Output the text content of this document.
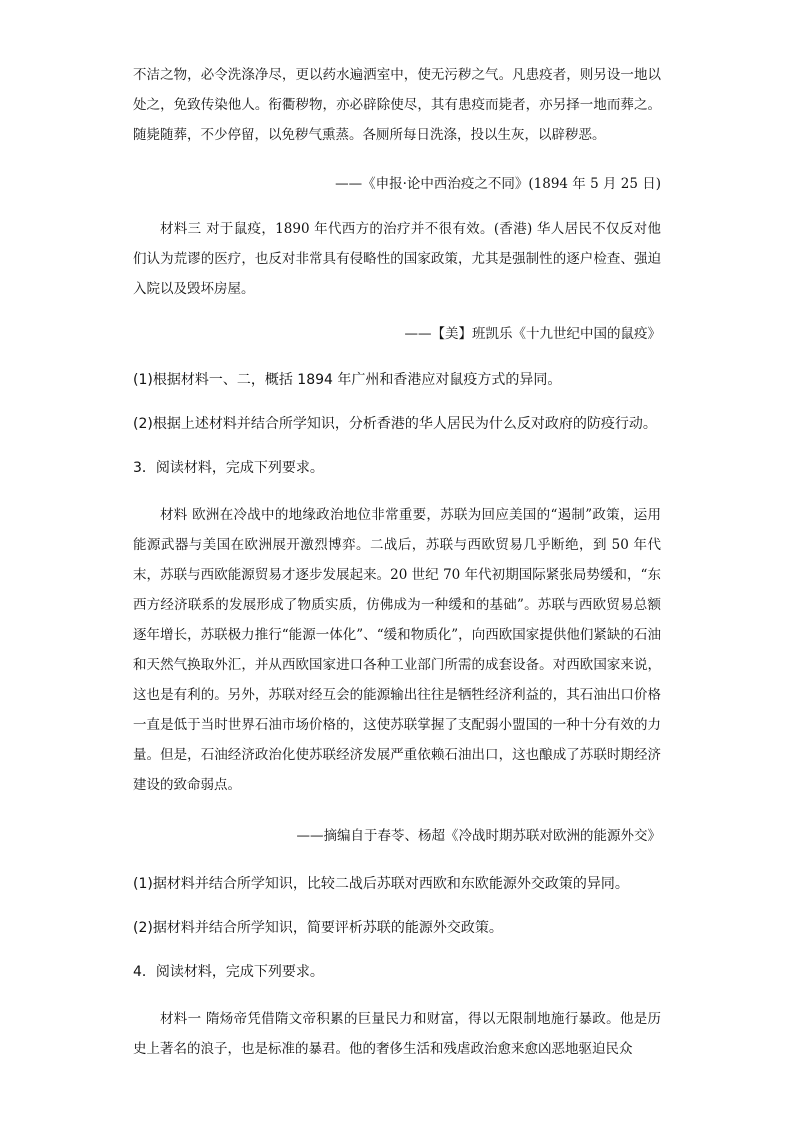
不洁之物，必令洗涤净尽，更以药水遍洒室中，使无污秽之气。凡患疫者，则另设一地以处之，免致传染他人。衔衢秽物，亦必辟除使尽，其有患疫而毙者，亦另择一地而葬之。随毙随葬，不少停留，以免秽气熏蒸。各厕所每日洗涤，投以生灰，以辟秽恶。

——《申报·论中西治疫之不同》(1894 年 5 月 25 日)

材料三 对于鼠疫，1890 年代西方的治疗并不很有效。(香港) 华人居民不仅反对他们认为荒谬的医疗，也反对非常具有侵略性的国家政策，尤其是强制性的逐户检查、强迫入院以及毁坏房屋。

——【美】班凯乐《十九世纪中国的鼠疫》
(1)根据材料一、二，概括 1894 年广州和香港应对鼠疫方式的异同。
(2)根据上述材料并结合所学知识，分析香港的华人居民为什么反对政府的防疫行动。
3．阅读材料，完成下列要求。

材料 欧洲在冷战中的地缘政治地位非常重要，苏联为回应美国的“遏制”政策，运用能源武器与美国在欧洲展开激烈博弈。二战后，苏联与西欧贸易几乎断绝，到 50 年代末，苏联与西欧能源贸易才逐步发展起来。20 世纪 70 年代初期国际紧张局势缓和，“东西方经济联系的发展形成了物质实质，仿佛成为一种缓和的基础”。苏联与西欧贸易总额逐年增长，苏联极力推行“能源一体化”、“缓和物质化”，向西欧国家提供他们紧缺的石油和天然气换取外汇，并从西欧国家进口各种工业部门所需的成套设备。对西欧国家来说，这也是有利的。另外，苏联对经互会的能源输出往往是牺牲经济利益的，其石油出口价格一直是低于当时世界石油市场价格的，这使苏联掌握了支配弱小盟国的一种十分有效的力量。但是，石油经济政治化使苏联经济发展严重依赖石油出口，这也酿成了苏联时期经济建设的致命弱点。

——摘编自于春苓、杨超《冷战时期苏联对欧洲的能源外交》
(1)据材料并结合所学知识，比较二战后苏联对西欧和东欧能源外交政策的异同。
(2)据材料并结合所学知识，简要评析苏联的能源外交政策。
4．阅读材料，完成下列要求。

材料一 隋炀帝凭借隋文帝积累的巨量民力和财富，得以无限制地施行暴政。他是历史上著名的浪子，也是标准的暴君。他的奢侈生活和残虐政治愈来愈凶恶地驱迫民众
